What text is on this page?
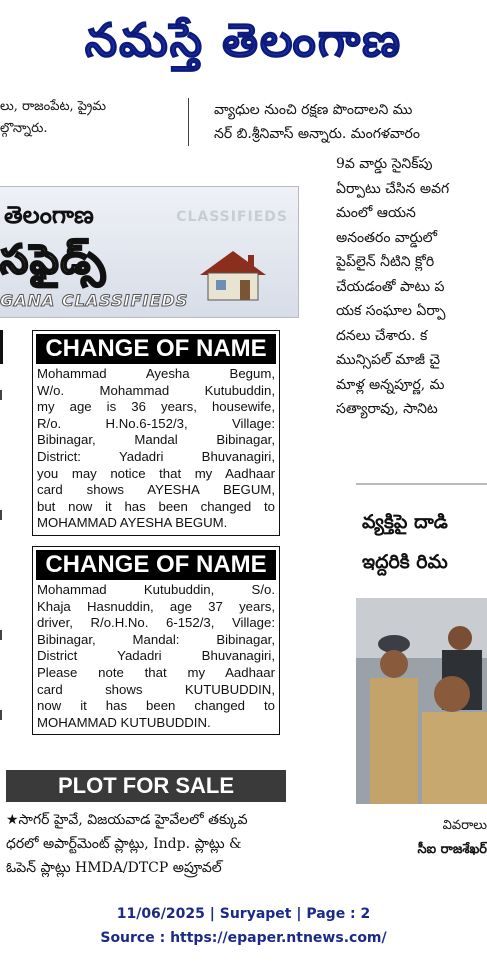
నమస్తే తెలంగాణ
లు, రాజంపేట, ప్రైమ
ల్గొన్నారు.
వ్యాధుల నుంచి రక్షణ పొందాలని ము
నర్ బి.శ్రీనివాస్ అన్నారు. మంగళవారం
9వ వార్డు సైనిక్‌పు
ఏర్పాటు చేసిన అవగ
మంలో ఆయన
అనంతరం వార్డులో
పైప్‌లైన్ నీటిని క్లోరి
చేయడంతో పాటు ప
యక సంఘాల ఏర్పా
దనలు చేశారు. క
మున్సిపల్ మాజీ చై
మాళ్ల అన్నపూర్ణ, మ
సత్యారావు, సానిట
తెలంగాణ	CLASSIFIEDS
సఫైడ్స్
GANA CLASSIFIEDS
CHANGE OF NAME
Mohammad Ayesha Begum,
W/o. Mohammad Kutubuddin,
my age is 36 years, housewife,
R/o. H.No.6-152/3, Village:
Bibinagar, Mandal Bibinagar,
District: Yadadri Bhuvanagiri,
you may notice that my Aadhaar
card shows AYESHA BEGUM,
but now it has been changed to
MOHAMMAD AYESHA BEGUM.
CHANGE OF NAME
Mohammad Kutubuddin, S/o.
Khaja Hasnuddin, age 37 years,
driver, R/o.H.No. 6-152/3, Village:
Bibinagar, Mandal: Bibinagar,
District Yadadri Bhuvanagiri,
Please note that my Aadhaar
card shows KUTUBUDDIN,
now it has been changed to
MOHAMMAD KUTUBUDDIN.
PLOT FOR SALE
★సాగర్ హైవే, విజయవాడ హైవేలలో తక్కువ
ధరలో అపార్ట్‌మెంట్ ప్లాట్లు, Indp. ప్లాట్లు &
ఓపెన్ ప్లాట్లు HMDA/DTCP అప్రూవల్
వ్యక్తిపై దాడి
ఇద్దరికి రిమ
వివరాలు
సీఐ రాజశేఖర్
11/06/2025 | Suryapet | Page : 2
Source : https://epaper.ntnews.com/
